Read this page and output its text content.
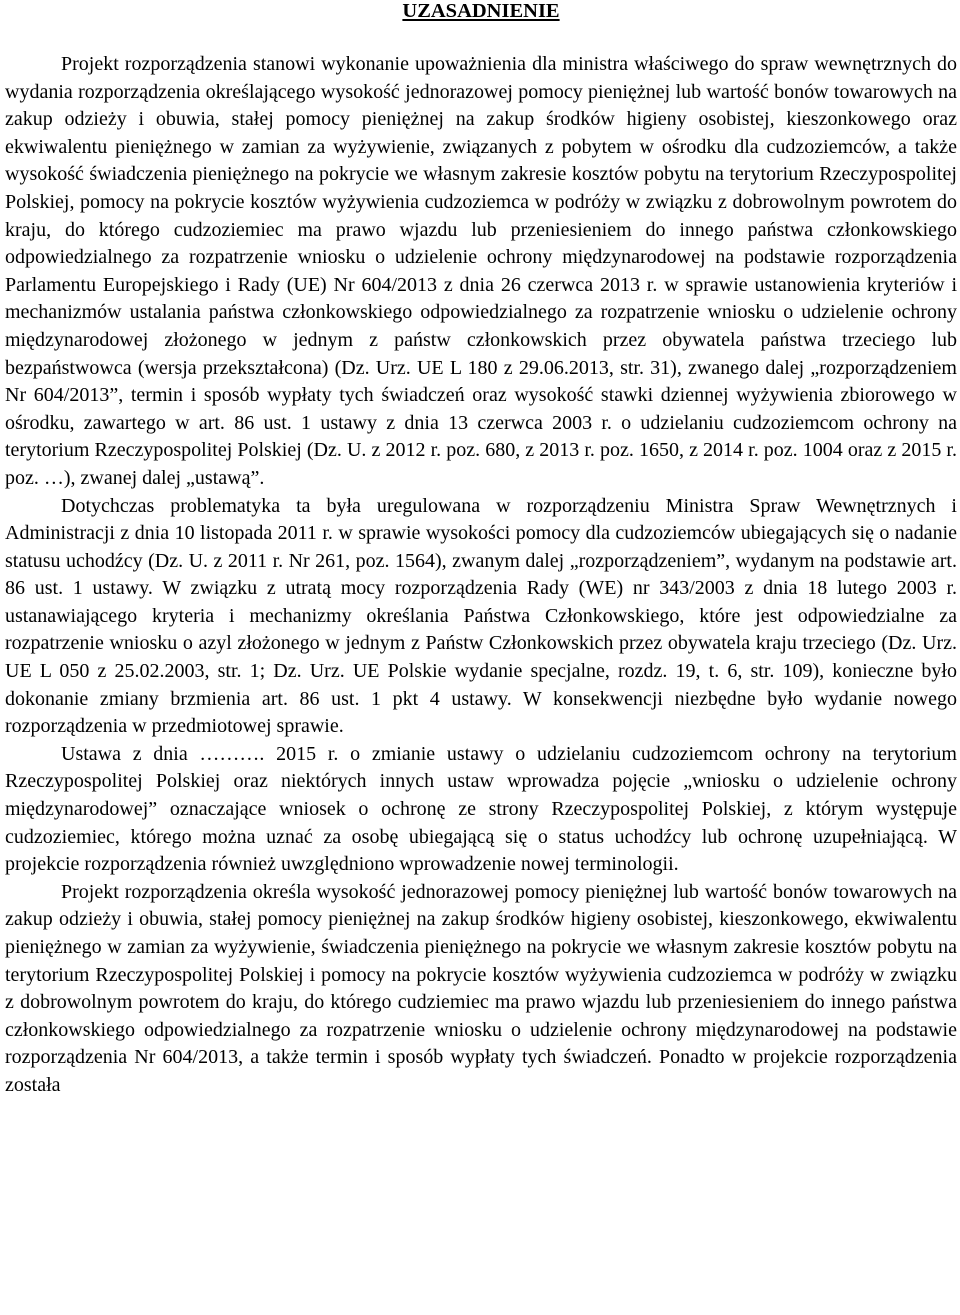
UZASADNIENIE

Projekt rozporządzenia stanowi wykonanie upoważnienia dla ministra właściwego do spraw wewnętrznych do wydania rozporządzenia określającego wysokość jednorazowej pomocy pieniężnej lub wartość bonów towarowych na zakup odzieży i obuwia, stałej pomocy pieniężnej na zakup środków higieny osobistej, kieszonkowego oraz ekwiwalentu pieniężnego w zamian za wyżywienie, związanych z pobytem w ośrodku dla cudzoziemców, a także wysokość świadczenia pieniężnego na pokrycie we własnym zakresie kosztów pobytu na terytorium Rzeczypospolitej Polskiej, pomocy na pokrycie kosztów wyżywienia cudzoziemca w podróży w związku z dobrowolnym powrotem do kraju, do którego cudzoziemiec ma prawo wjazdu lub przeniesieniem do innego państwa członkowskiego odpowiedzialnego za rozpatrzenie wniosku o udzielenie ochrony międzynarodowej na podstawie rozporządzenia Parlamentu Europejskiego i Rady (UE) Nr 604/2013 z dnia 26 czerwca 2013 r. w sprawie ustanowienia kryteriów i mechanizmów ustalania państwa członkowskiego odpowiedzialnego za rozpatrzenie wniosku o udzielenie ochrony międzynarodowej złożonego w jednym z państw członkowskich przez obywatela państwa trzeciego lub bezpaństwowca (wersja przekształcona) (Dz. Urz. UE L 180 z 29.06.2013, str. 31), zwanego dalej „rozporządzeniem Nr 604/2013”, termin i sposób wypłaty tych świadczeń oraz wysokość stawki dziennej wyżywienia zbiorowego w ośrodku, zawartego w art. 86 ust. 1 ustawy z dnia 13 czerwca 2003 r. o udzielaniu cudzoziemcom ochrony na terytorium Rzeczypospolitej Polskiej (Dz. U. z 2012 r. poz. 680, z 2013 r. poz. 1650, z 2014 r. poz. 1004 oraz z 2015 r. poz. …), zwanej dalej „ustawą”.

Dotychczas problematyka ta była uregulowana w rozporządzeniu Ministra Spraw Wewnętrznych i Administracji z dnia 10 listopada 2011 r. w sprawie wysokości pomocy dla cudzoziemców ubiegających się o nadanie statusu uchodźcy (Dz. U. z 2011 r. Nr 261, poz. 1564), zwanym dalej „rozporządzeniem”, wydanym na podstawie art. 86 ust. 1 ustawy. W związku z utratą mocy rozporządzenia Rady (WE) nr 343/2003 z dnia 18 lutego 2003 r. ustanawiającego kryteria i mechanizmy określania Państwa Członkowskiego, które jest odpowiedzialne za rozpatrzenie wniosku o azyl złożonego w jednym z Państw Członkowskich przez obywatela kraju trzeciego (Dz. Urz. UE L 050 z 25.02.2003, str. 1; Dz. Urz. UE Polskie wydanie specjalne, rozdz. 19, t. 6, str. 109), konieczne było dokonanie zmiany brzmienia art. 86 ust. 1 pkt 4 ustawy. W konsekwencji niezbędne było wydanie nowego rozporządzenia w przedmiotowej sprawie.

Ustawa z dnia ………. 2015 r. o zmianie ustawy o udzielaniu cudzoziemcom ochrony na terytorium Rzeczypospolitej Polskiej oraz niektórych innych ustaw wprowadza pojęcie „wniosku o udzielenie ochrony międzynarodowej” oznaczające wniosek o ochronę ze strony Rzeczypospolitej Polskiej, z którym występuje cudzoziemiec, którego można uznać za osobę ubiegającą się o status uchodźcy lub ochronę uzupełniającą. W projekcie rozporządzenia również uwzględniono wprowadzenie nowej terminologii.

Projekt rozporządzenia określa wysokość jednorazowej pomocy pieniężnej lub wartość bonów towarowych na zakup odzieży i obuwia, stałej pomocy pieniężnej na zakup środków higieny osobistej, kieszonkowego, ekwiwalentu pieniężnego w zamian za wyżywienie, świadczenia pieniężnego na pokrycie we własnym zakresie kosztów pobytu na terytorium Rzeczypospolitej Polskiej i pomocy na pokrycie kosztów wyżywienia cudzoziemca w podróży w związku z dobrowolnym powrotem do kraju, do którego cudziemiec ma prawo wjazdu lub przeniesieniem do innego państwa członkowskiego odpowiedzialnego za rozpatrzenie wniosku o udzielenie ochrony międzynarodowej na podstawie rozporządzenia Nr 604/2013, a także termin i sposób wypłaty tych świadczeń. Ponadto w projekcie rozporządzenia została
